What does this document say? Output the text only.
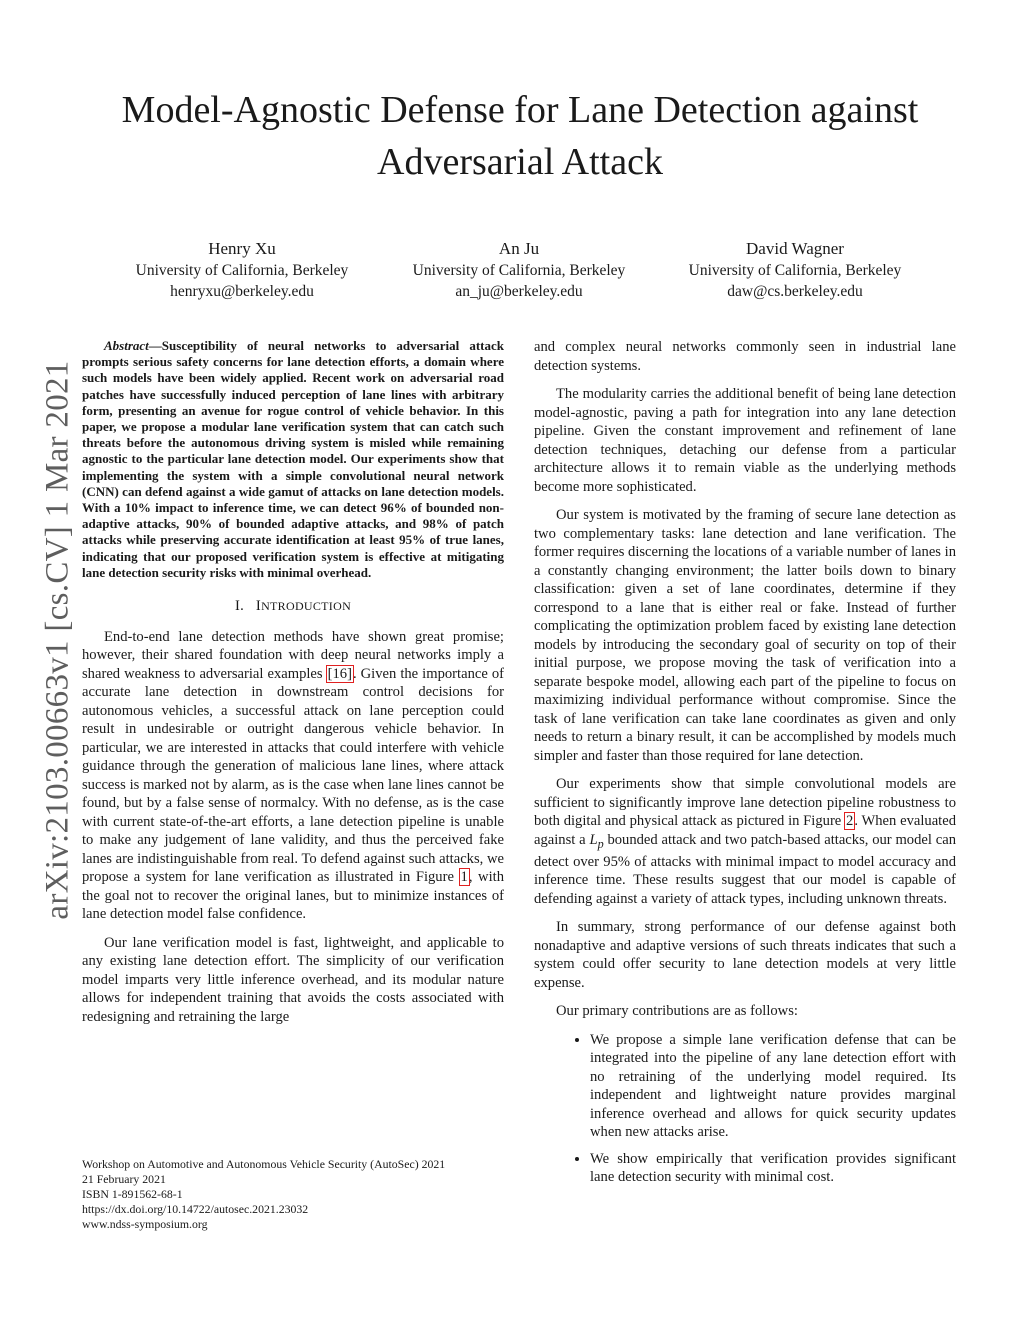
Model-Agnostic Defense for Lane Detection against
Adversarial Attack
Henry Xu
University of California, Berkeley
henryxu@berkeley.edu
An Ju
University of California, Berkeley
an_ju@berkeley.edu
David Wagner
University of California, Berkeley
daw@cs.berkeley.edu
arXiv:2103.00663v1 [cs.CV] 1 Mar 2021

Abstract—Susceptibility of neural networks to adversarial attack prompts serious safety concerns for lane detection efforts, a domain where such models have been widely applied. Recent work on adversarial road patches have successfully induced perception of lane lines with arbitrary form, presenting an avenue for rogue control of vehicle behavior. In this paper, we propose a modular lane verification system that can catch such threats before the autonomous driving system is misled while remaining agnostic to the particular lane detection model. Our experiments show that implementing the system with a simple convolutional neural network (CNN) can defend against a wide gamut of attacks on lane detection models. With a 10% impact to inference time, we can detect 96% of bounded non-adaptive attacks, 90% of bounded adaptive attacks, and 98% of patch attacks while preserving accurate identification at least 95% of true lanes, indicating that our proposed verification system is effective at mitigating lane detection security risks with minimal overhead.

I. INTRODUCTION

End-to-end lane detection methods have shown great promise; however, their shared foundation with deep neural networks imply a shared weakness to adversarial examples [16]. Given the importance of accurate lane detection in downstream control decisions for autonomous vehicles, a successful attack on lane perception could result in undesirable or outright dangerous vehicle behavior. In particular, we are interested in attacks that could interfere with vehicle guidance through the generation of malicious lane lines, where attack success is marked not by alarm, as is the case when lane lines cannot be found, but by a false sense of normalcy. With no defense, as is the case with current state-of-the-art efforts, a lane detection pipeline is unable to make any judgement of lane validity, and thus the perceived fake lanes are indistinguishable from real. To defend against such attacks, we propose a system for lane verification as illustrated in Figure 1, with the goal not to recover the original lanes, but to minimize instances of lane detection model false confidence.

Our lane verification model is fast, lightweight, and applicable to any existing lane detection effort. The simplicity of our verification model imparts very little inference overhead, and its modular nature allows for independent training that avoids the costs associated with redesigning and retraining the large

and complex neural networks commonly seen in industrial lane detection systems.

The modularity carries the additional benefit of being lane detection model-agnostic, paving a path for integration into any lane detection pipeline. Given the constant improvement and refinement of lane detection techniques, detaching our defense from a particular architecture allows it to remain viable as the underlying methods become more sophisticated.

Our system is motivated by the framing of secure lane detection as two complementary tasks: lane detection and lane verification. The former requires discerning the locations of a variable number of lanes in a constantly changing environment; the latter boils down to binary classification: given a set of lane coordinates, determine if they correspond to a lane that is either real or fake. Instead of further complicating the optimization problem faced by existing lane detection models by introducing the secondary goal of security on top of their initial purpose, we propose moving the task of verification into a separate bespoke model, allowing each part of the pipeline to focus on maximizing individual performance without compromise. Since the task of lane verification can take lane coordinates as given and only needs to return a binary result, it can be accomplished by models much simpler and faster than those required for lane detection.

Our experiments show that simple convolutional models are sufficient to significantly improve lane detection pipeline robustness to both digital and physical attack as pictured in Figure 2. When evaluated against a $L_p$ bounded attack and two patch-based attacks, our model can detect over 95% of attacks with minimal impact to model accuracy and inference time. These results suggest that our model is capable of defending against a variety of attack types, including unknown threats.

In summary, strong performance of our defense against both nonadaptive and adaptive versions of such threats indicates that such a system could offer security to lane detection models at very little expense.

Our primary contributions are as follows:

• We propose a simple lane verification defense that can be integrated into the pipeline of any lane detection effort with no retraining of the underlying model required. Its independent and lightweight nature provides marginal inference overhead and allows for quick security updates when new attacks arise.
• We show empirically that verification provides significant lane detection security with minimal cost.
Workshop on Automotive and Autonomous Vehicle Security (AutoSec) 2021
21 February 2021
ISBN 1-891562-68-1
https://dx.doi.org/10.14722/autosec.2021.23032
www.ndss-symposium.org
